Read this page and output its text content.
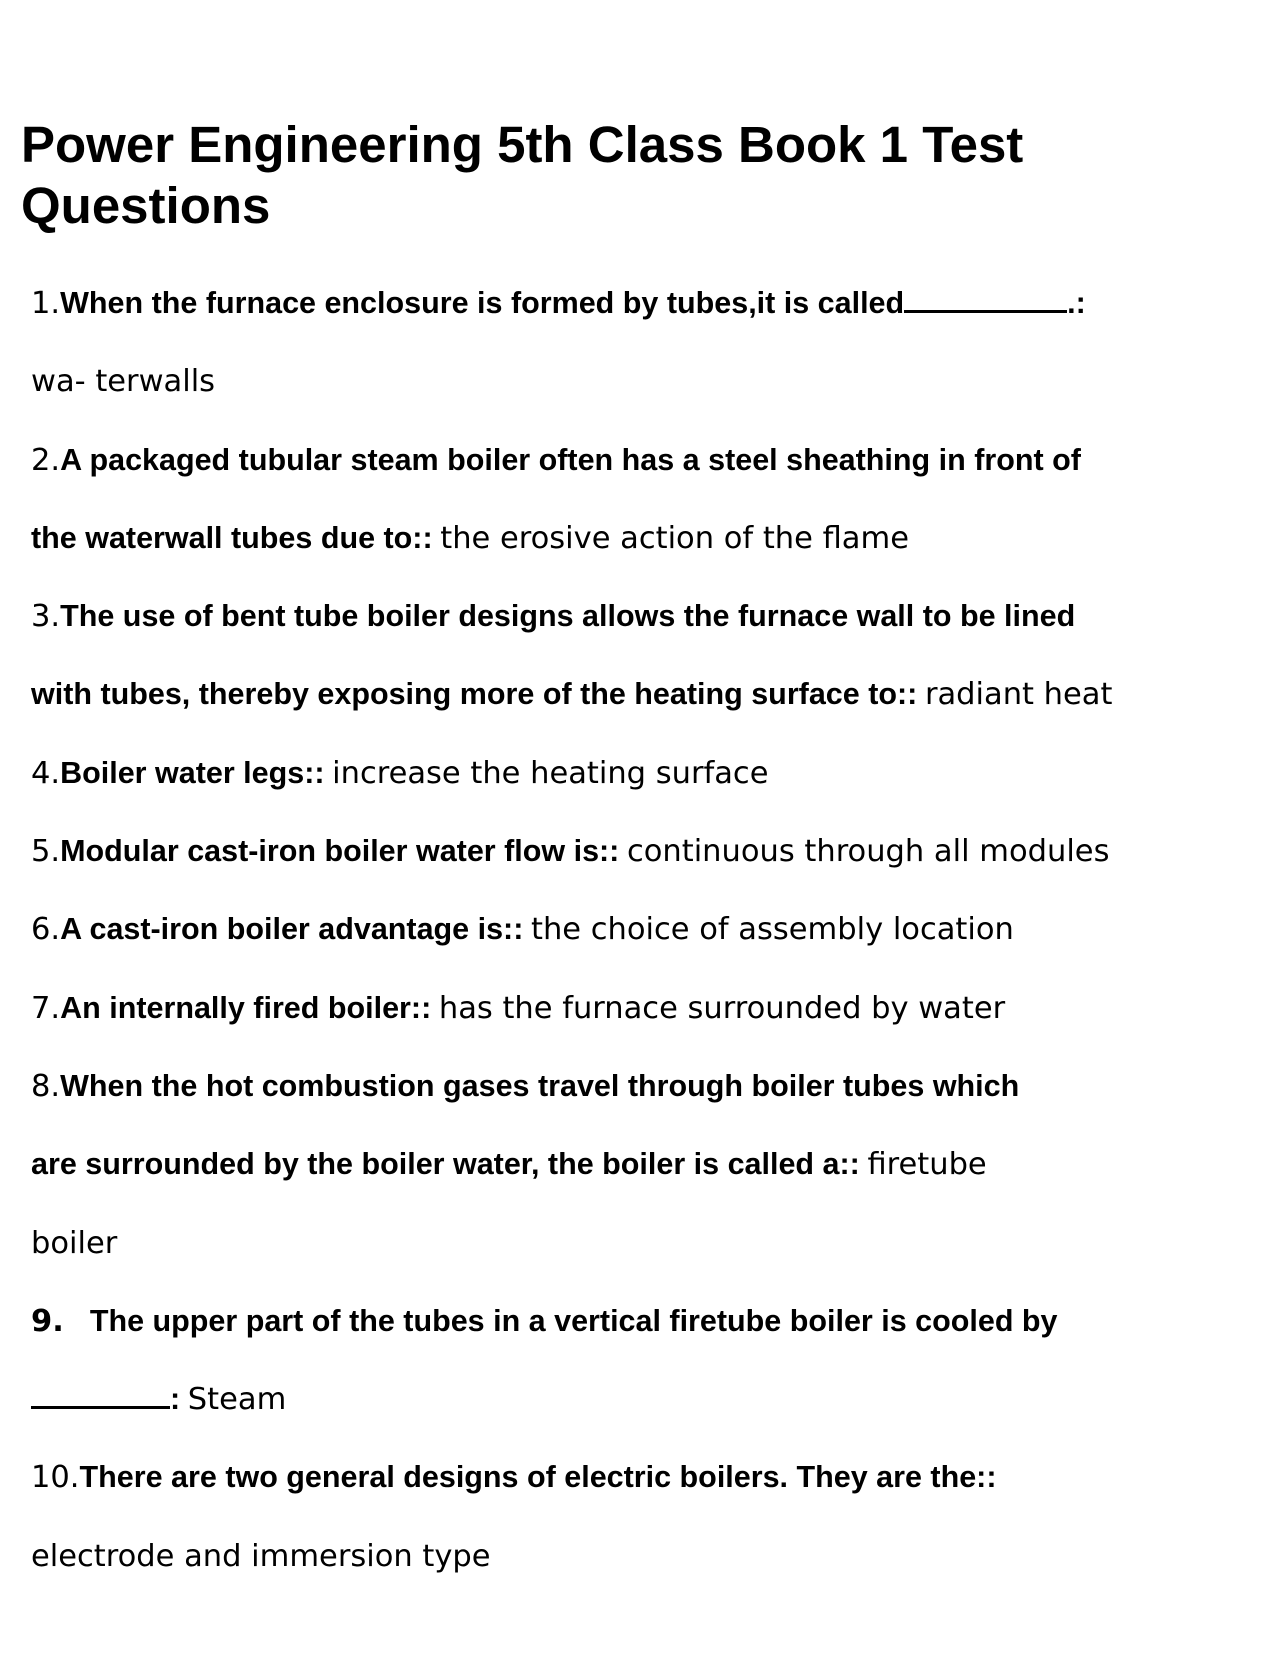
Power Engineering 5th Class Book 1 Test Questions
1.When the furnace enclosure is formed by tubes,it is called	.:
wa- terwalls
2.A packaged tubular steam boiler often has a steel sheathing in front of
the waterwall tubes due to:: the erosive action of the flame
3.The use of bent tube boiler designs allows the furnace wall to be lined
with tubes, thereby exposing more of the heating surface to:: radiant heat
4.Boiler water legs:: increase the heating surface
5.Modular cast-iron boiler water flow is:: continuous through all modules
6.A cast-iron boiler advantage is:: the choice of assembly location
7.An internally fired boiler:: has the furnace surrounded by water
8.When the hot combustion gases travel through boiler tubes which
are surrounded by the boiler water, the boiler is called a:: firetube
boiler
9. The upper part of the tubes in a vertical firetube boiler is cooled by
: Steam
10.There are two general designs of electric boilers. They are the::
electrode and immersion type
